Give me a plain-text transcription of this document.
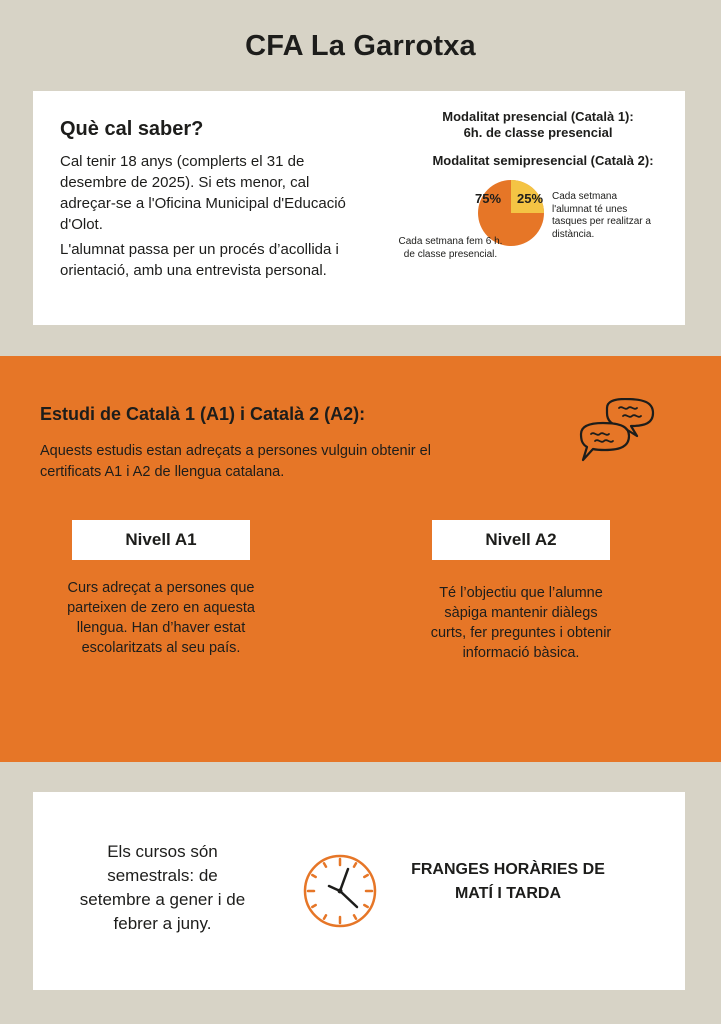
CFA La Garrotxa
Què cal saber?

Cal tenir 18 anys (complerts el 31 de desembre de 2025). Si ets menor, cal adreçar-se a l'Oficina Municipal d'Educació d'Olot.

L'alumnat passa per un procés d’acollida i orientació, amb una entrevista personal.

Modalitat presencial (Català 1):
6h. de classe presencial
Modalitat semipresencial (Català 2):
75% 25% Cada setmana l'alumnat té unes tasques per realitzar a distància.
Cada setmana fem 6 h. de classe presencial.
Estudi de Català 1 (A1) i Català 2 (A2):

Aquests estudis estan adreçats a persones vulguin obtenir el certificats A1 i A2 de llengua catalana.

Nivell A1

Curs adreçat a persones que parteixen de zero en aquesta llengua. Han d’haver estat escolaritzats al seu país.

Nivell A2

Té l’objectiu que l’alumne sàpiga mantenir diàlegs curts, fer preguntes i obtenir informació bàsica.

Els cursos són semestrals: de setembre a gener i de febrer a juny.

FRANGES HORÀRIES DE MATÍ I TARDA
